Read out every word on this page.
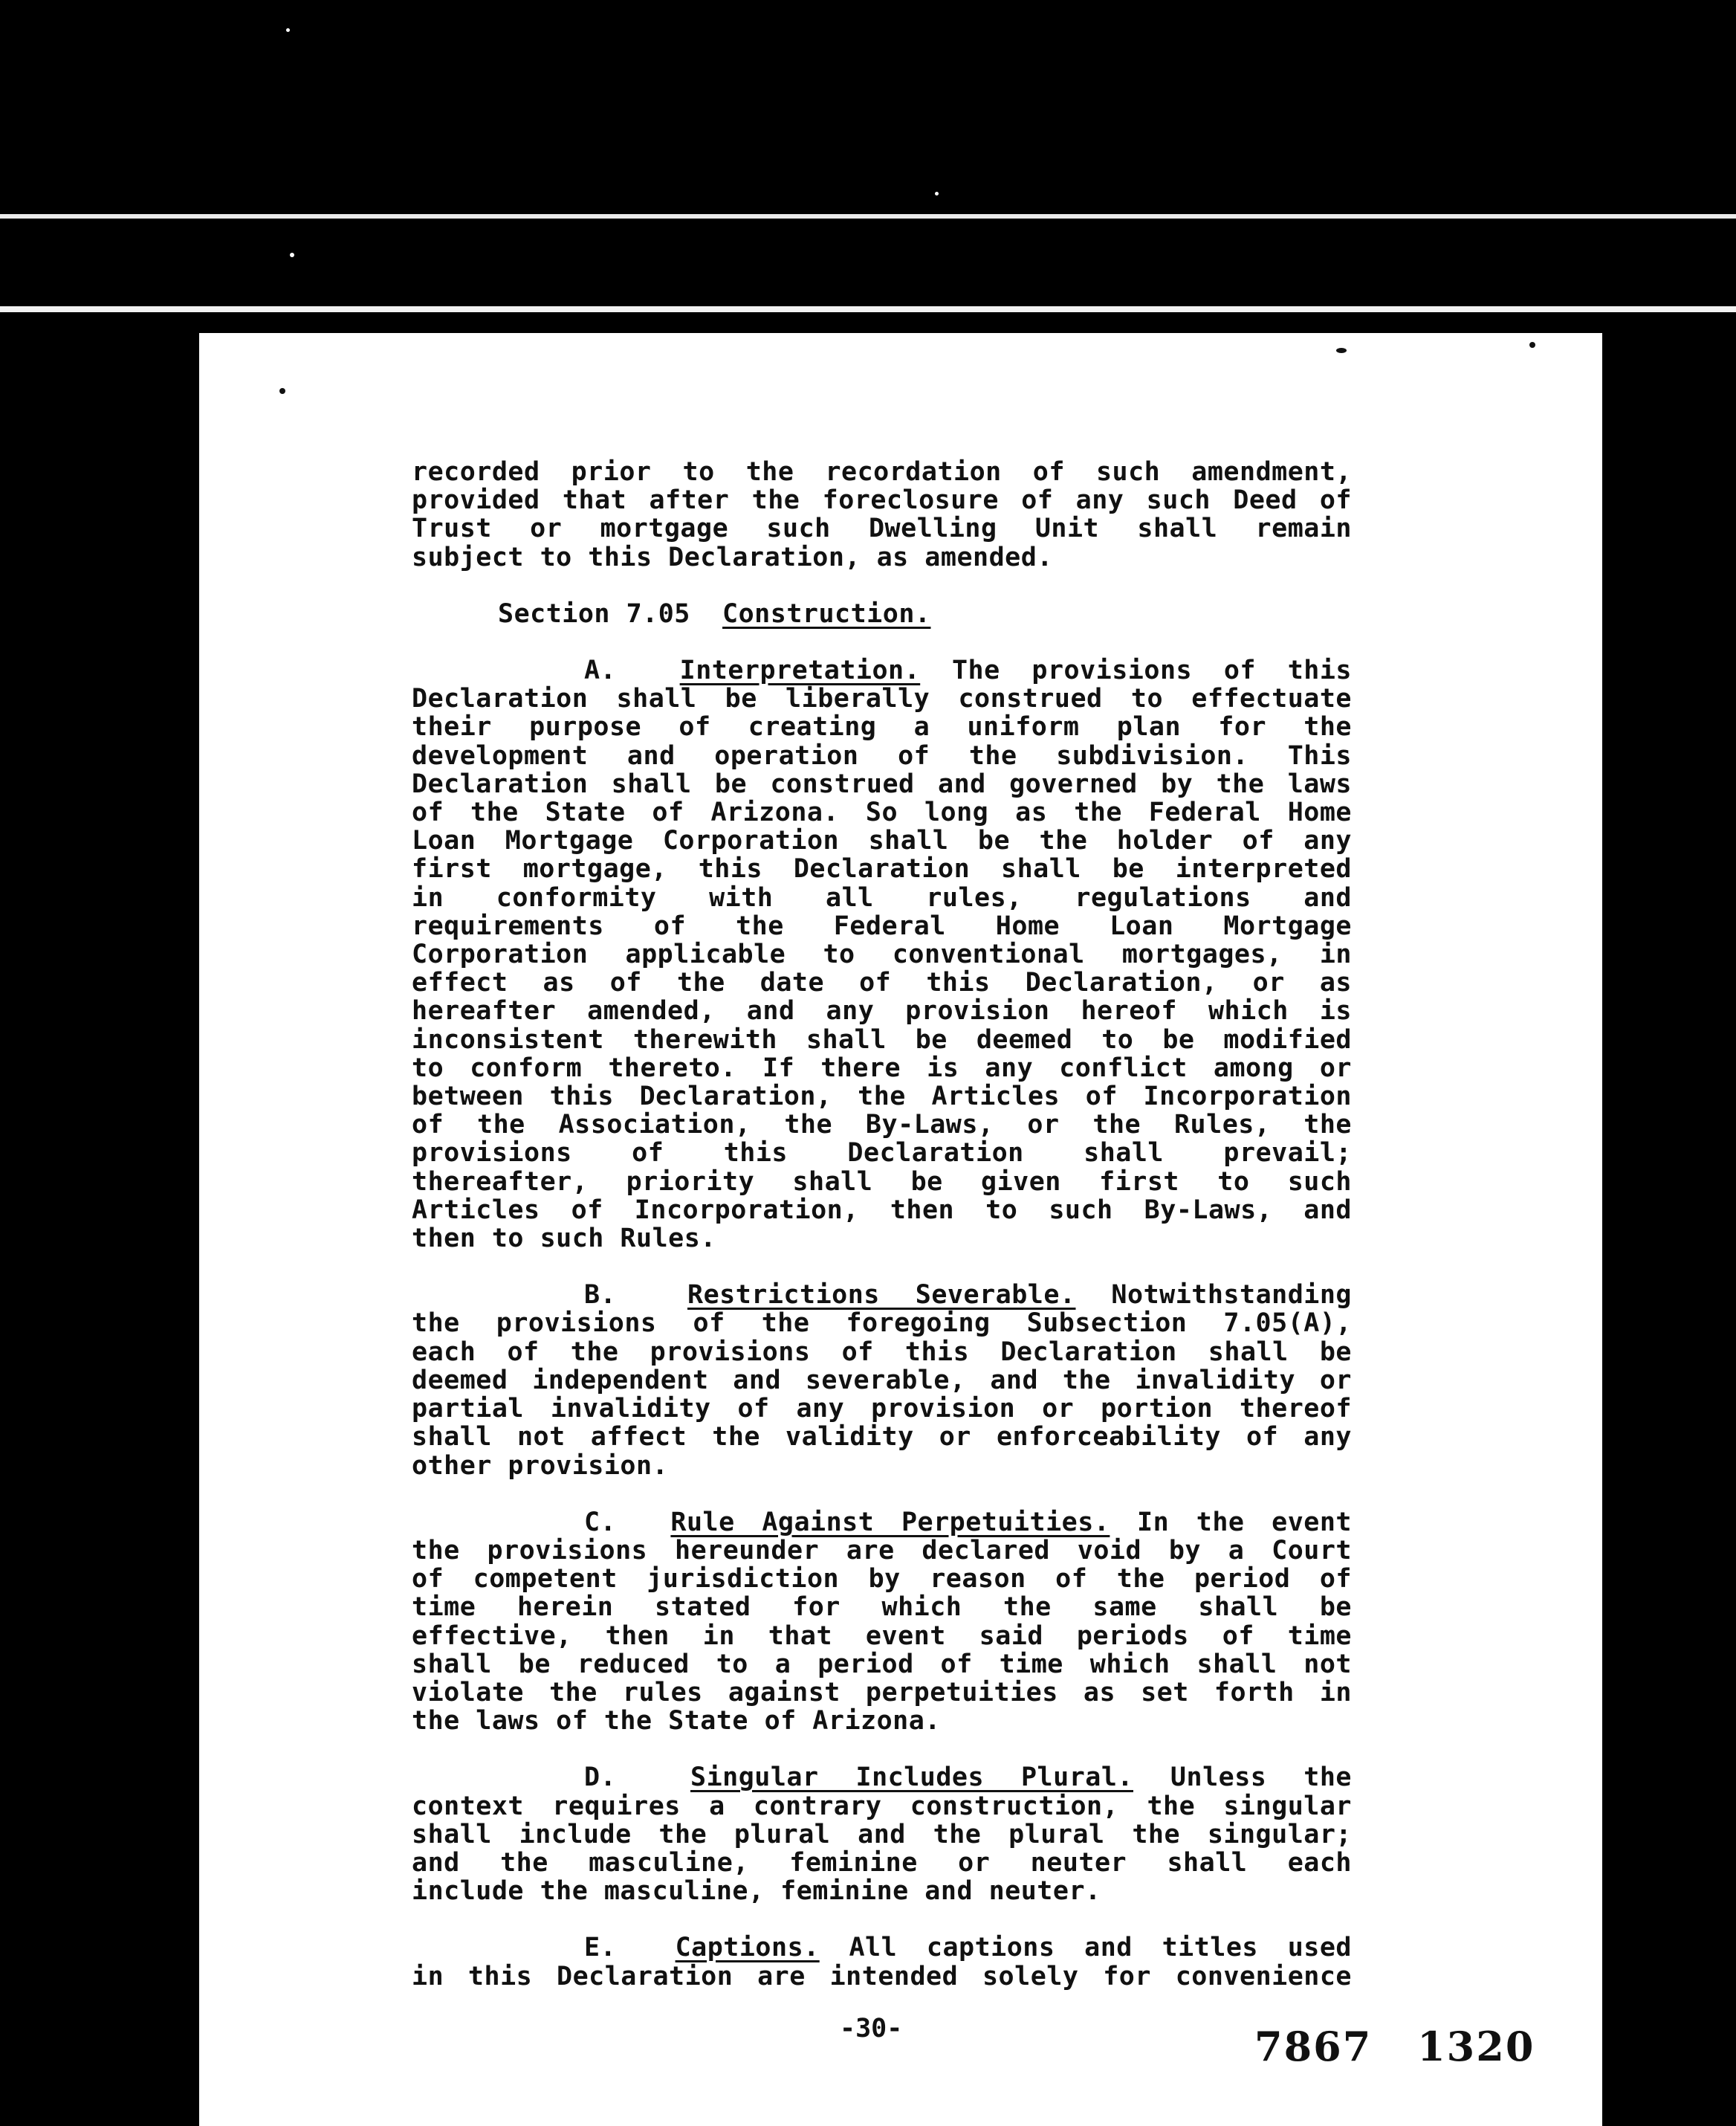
recorded prior to the recordation of such amendment,

provided that after the foreclosure of any such Deed of

Trust or mortgage such Dwelling Unit shall remain

subject to this Declaration, as amended.

Section 7.05 Construction.

A. Interpretation. The provisions of this

Declaration shall be liberally construed to effectuate

their purpose of creating a uniform plan for the

development and operation of the subdivision. This

Declaration shall be construed and governed by the laws

of the State of Arizona. So long as the Federal Home

Loan Mortgage Corporation shall be the holder of any

first mortgage, this Declaration shall be interpreted

in conformity with all rules, regulations and

requirements of the Federal Home Loan Mortgage

Corporation applicable to conventional mortgages, in

effect as of the date of this Declaration, or as

hereafter amended, and any provision hereof which is

inconsistent therewith shall be deemed to be modified

to conform thereto. If there is any conflict among or

between this Declaration, the Articles of Incorporation

of the Association, the By-Laws, or the Rules, the

provisions of this Declaration shall prevail;

thereafter, priority shall be given first to such

Articles of Incorporation, then to such By-Laws, and

then to such Rules.

B.	Restrictions Severable. Notwithstanding

the provisions of the foregoing Subsection 7.05(A),

each of the provisions of this Declaration shall be

deemed independent and severable, and the invalidity or

partial invalidity of any provision or portion thereof

shall not affect the validity or enforceability of any

other provision.

C. Rule Against Perpetuities. In the event

the provisions hereunder are declared void by a Court

of competent jurisdiction by reason of the period of

time herein stated for which the same shall be

effective, then in that event said periods of time

shall be reduced to a period of time which shall not

violate the rules against perpetuities as set forth in

the laws of the State of Arizona.

D.	Singular Includes Plural. Unless the

context requires a contrary construction, the singular

shall include the plural and the plural the singular;

and the masculine, feminine or neuter shall each

include the masculine, feminine and neuter.

E. Captions. All captions and titles used

in this Declaration are intended solely for convenience

-30-	7867 1320
